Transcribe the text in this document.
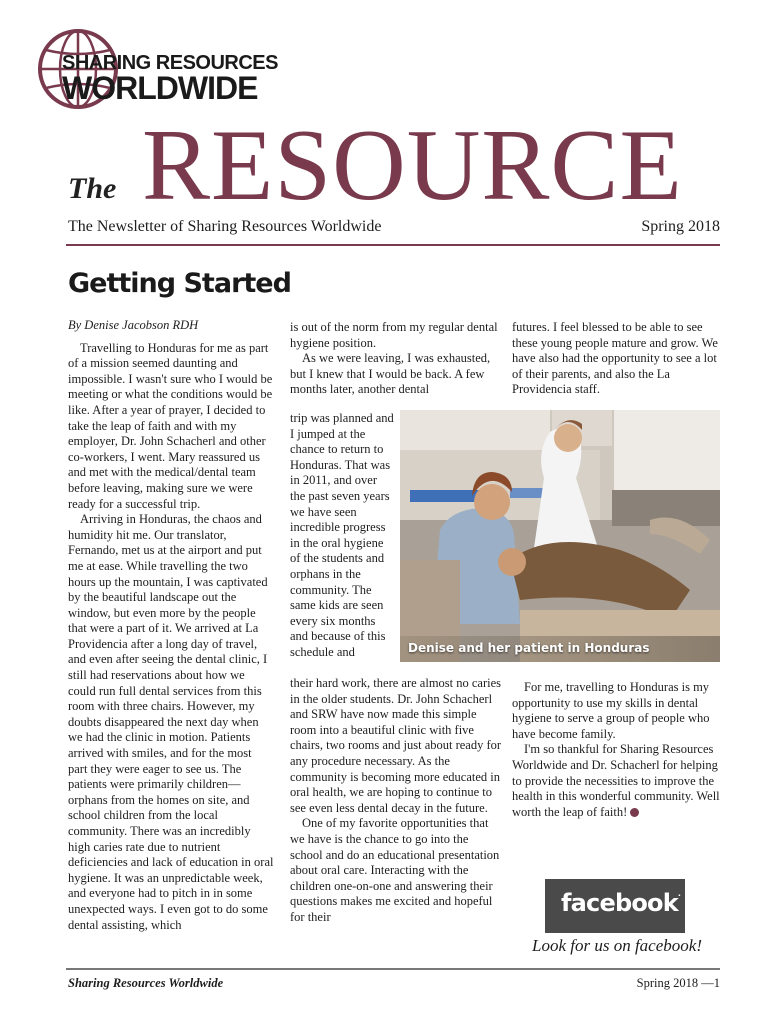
SHARING RESOURCES
WORLDWIDE
The RESOURCE
The Newsletter of Sharing Resources Worldwide	Spring 2018
Getting Started

By Denise Jacobson RDH

Travelling to Honduras for me as part of a mission seemed daunting and impossible. I wasn't sure who I would be meeting or what the conditions would be like. After a year of prayer, I decided to take the leap of faith and with my employer, Dr. John Schacherl and other co-workers, I went. Mary reassured us and met with the medical/dental team before leaving, making sure we were ready for a successful trip.

Arriving in Honduras, the chaos and humidity hit me. Our translator, Fernando, met us at the airport and put me at ease. While travelling the two hours up the mountain, I was captivated by the beautiful landscape out the window, but even more by the people that were a part of it. We arrived at La Providencia after a long day of travel, and even after seeing the dental clinic, I still had reservations about how we could run full dental services from this room with three chairs. However, my doubts disappeared the next day when we had the clinic in motion. Patients arrived with smiles, and for the most part they were eager to see us. The patients were primarily children—orphans from the homes on site, and school children from the local community. There was an incredibly high caries rate due to nutrient deficiencies and lack of education in oral hygiene. It was an unpredictable week, and everyone had to pitch in in some unexpected ways. I even got to do some dental assisting, which

is out of the norm from my regular dental hygiene position.

As we were leaving, I was exhausted, but I knew that I would be back. A few months later, another dental

trip was planned and I jumped at the chance to return to Honduras. That was in 2011, and over the past seven years we have seen incredible progress in the oral hygiene of the students and orphans in the community. The same kids are seen every six months and because of this schedule and

their hard work, there are almost no caries in the older students. Dr. John Schacherl and SRW have now made this simple room into a beautiful clinic with five chairs, two rooms and just about ready for any procedure necessary. As the community is becoming more educated in oral health, we are hoping to continue to see even less dental decay in the future.

One of my favorite opportunities that we have is the chance to go into the school and do an educational presentation about oral care. Interacting with the children one-on-one and answering their questions makes me excited and hopeful for their

futures. I feel blessed to be able to see these young people mature and grow. We have also had the opportunity to see a lot of their parents, and also the La Providencia staff.

For me, travelling to Honduras is my opportunity to use my skills in dental hygiene to serve a group of people who have become family.

I'm so thankful for Sharing Resources Worldwide and Dr. Schacherl for helping to provide the necessities to improve the health in this wonderful community. Well worth the leap of faith!

Denise and her patient in Honduras
facebook.
Look for us on facebook!
Sharing Resources Worldwide	Spring 2018 —1
